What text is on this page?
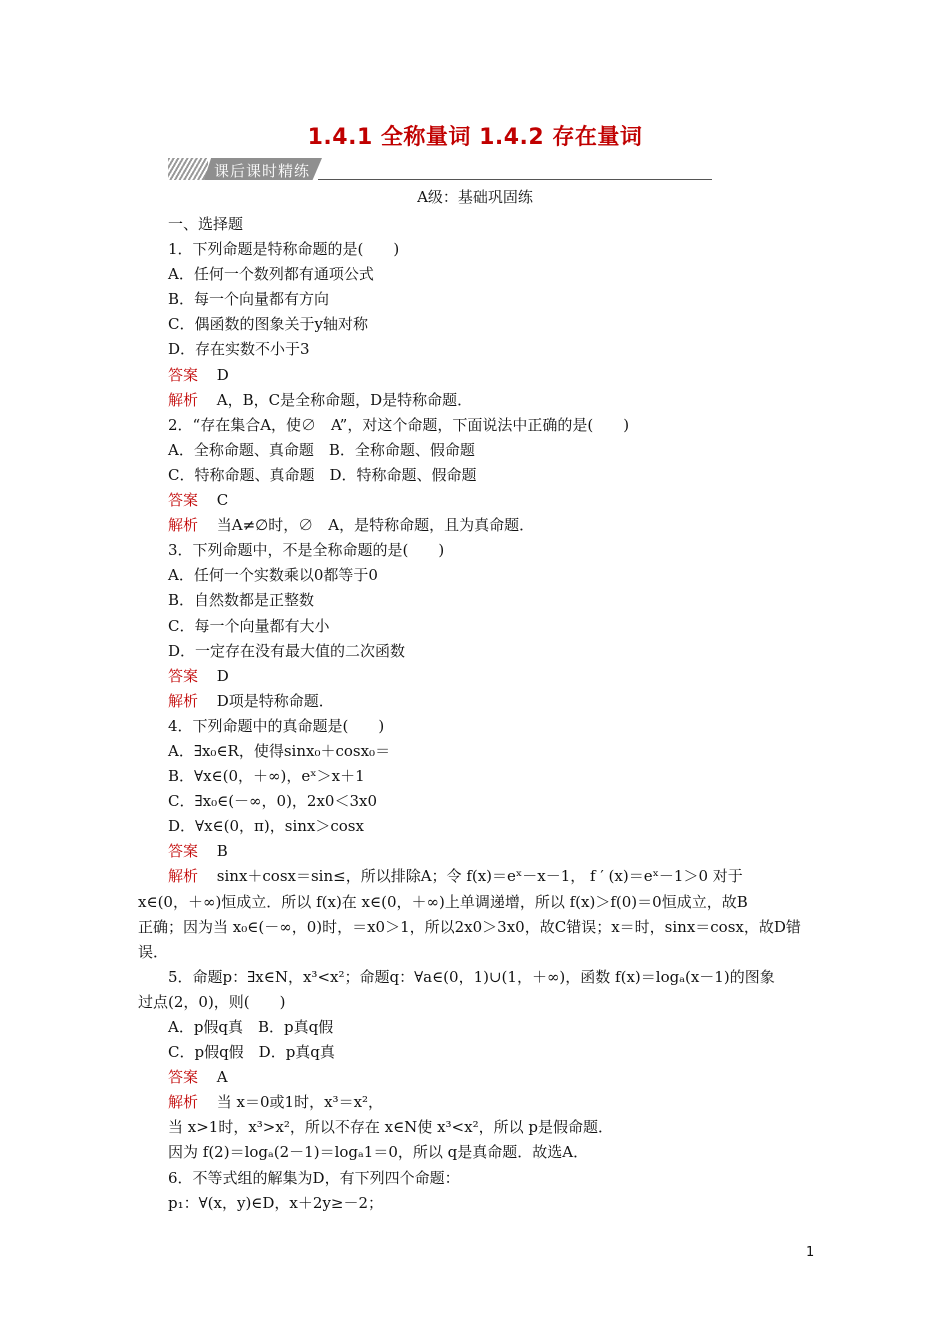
1.4.1 全称量词 1.4.2 存在量词
课后课时精练
A级：基础巩固练
一、选择题
1．下列命题是特称命题的是(　　)
A．任何一个数列都有通项公式
B．每一个向量都有方向
C．偶函数的图象关于y轴对称
D．存在实数不小于3
答案 D
解析 A，B，C是全称命题，D是特称命题．
2．“存在集合A，使∅　A”，对这个命题，下面说法中正确的是(　　)
A．全称命题、真命题　B．全称命题、假命题
C．特称命题、真命题　D．特称命题、假命题
答案 C
解析 当A≠∅时，∅　A，是特称命题，且为真命题．
3．下列命题中，不是全称命题的是(　　)
A．任何一个实数乘以0都等于0
B．自然数都是正整数
C．每一个向量都有大小
D．一定存在没有最大值的二次函数
答案 D
解析 D项是特称命题．
4．下列命题中的真命题是(　　)
A．∃x₀∈R，使得sinx₀＋cosx₀＝
B．∀x∈(0，＋∞)，eˣ＞x＋1
C．∃x₀∈(－∞，0)，2x0＜3x0
D．∀x∈(0，π)，sinx＞cosx
答案 B
解析 sinx＋cosx＝sin≤，所以排除A；令 f(x)＝eˣ－x－1， f ′ (x)＝eˣ－1＞0 对于
x∈(0，＋∞)恒成立．所以 f(x)在 x∈(0，＋∞)上单调递增，所以 f(x)＞f(0)＝0恒成立，故B
正确；因为当 x₀∈(－∞，0)时，＝x0＞1，所以2x0＞3x0，故C错误；x＝时，sinx＝cosx，故D错
误．
5．命题p：∃x∈N，x³<x²；命题q：∀a∈(0，1)∪(1，＋∞)，函数 f(x)＝logₐ(x－1)的图象
过点(2，0)，则(　　)
A．p假q真　B．p真q假
C．p假q假　D．p真q真
答案 A
解析 当 x＝0或1时，x³＝x²，
当 x>1时，x³>x²，所以不存在 x∈N使 x³<x²，所以 p是假命题．
因为 f(2)＝logₐ(2－1)＝logₐ1＝0，所以 q是真命题．故选A．
6．不等式组的解集为D，有下列四个命题：
p₁：∀(x，y)∈D，x＋2y≥－2；
1
